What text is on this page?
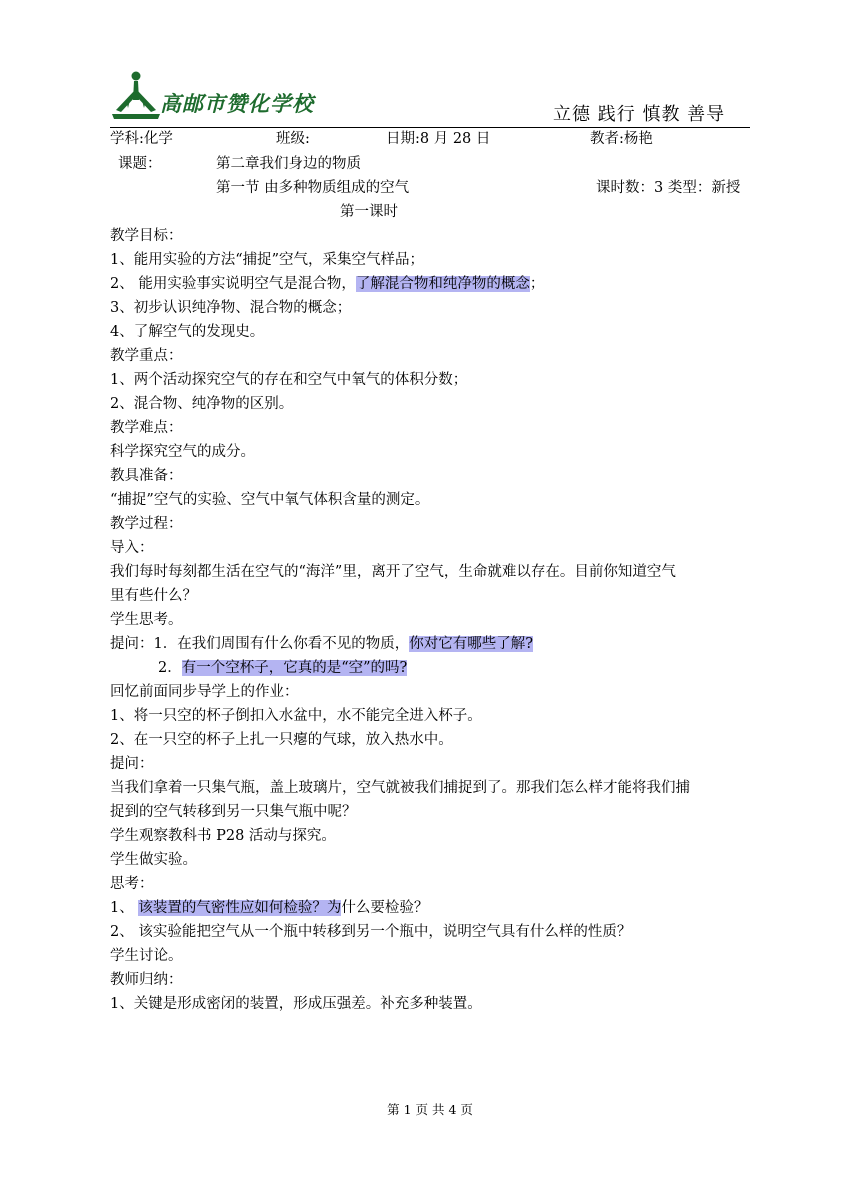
高邮市赞化学校	立德 践行 慎教 善导
学科:化学	班级:	日期:8 月 28 日	教者:杨艳
课题：	第二章我们身边的物质
第一节 由多种物质组成的空气	课时数：3 类型：新授
第一课时
教学目标：
1、能用实验的方法“捕捉”空气，采集空气样品；
2、 能用实验事实说明空气是混合物，了解混合物和纯净物的概念；
3、初步认识纯净物、混合物的概念；
4、了解空气的发现史。
教学重点：
1、两个活动探究空气的存在和空气中氧气的体积分数；
2、混合物、纯净物的区别。
教学难点：
科学探究空气的成分。
教具准备：
“捕捉”空气的实验、空气中氧气体积含量的测定。
教学过程：
导入：
我们每时每刻都生活在空气的“海洋”里，离开了空气，生命就难以存在。目前你知道空气
里有些什么？
学生思考。
提问：1．在我们周围有什么你看不见的物质，你对它有哪些了解?
2．有一个空杯子，它真的是“空”的吗?
回忆前面同步导学上的作业：
1、将一只空的杯子倒扣入水盆中，水不能完全进入杯子。
2、在一只空的杯子上扎一只瘪的气球，放入热水中。
提问：
当我们拿着一只集气瓶，盖上玻璃片，空气就被我们捕捉到了。那我们怎么样才能将我们捕
捉到的空气转移到另一只集气瓶中呢？
学生观察教科书 P28 活动与探究。
学生做实验。
思考：
1、 该装置的气密性应如何检验？为什么要检验？
2、 该实验能把空气从一个瓶中转移到另一个瓶中，说明空气具有什么样的性质？
学生讨论。
教师归纳：
1、关键是形成密闭的装置，形成压强差。补充多种装置。
第 1 页 共 4 页
